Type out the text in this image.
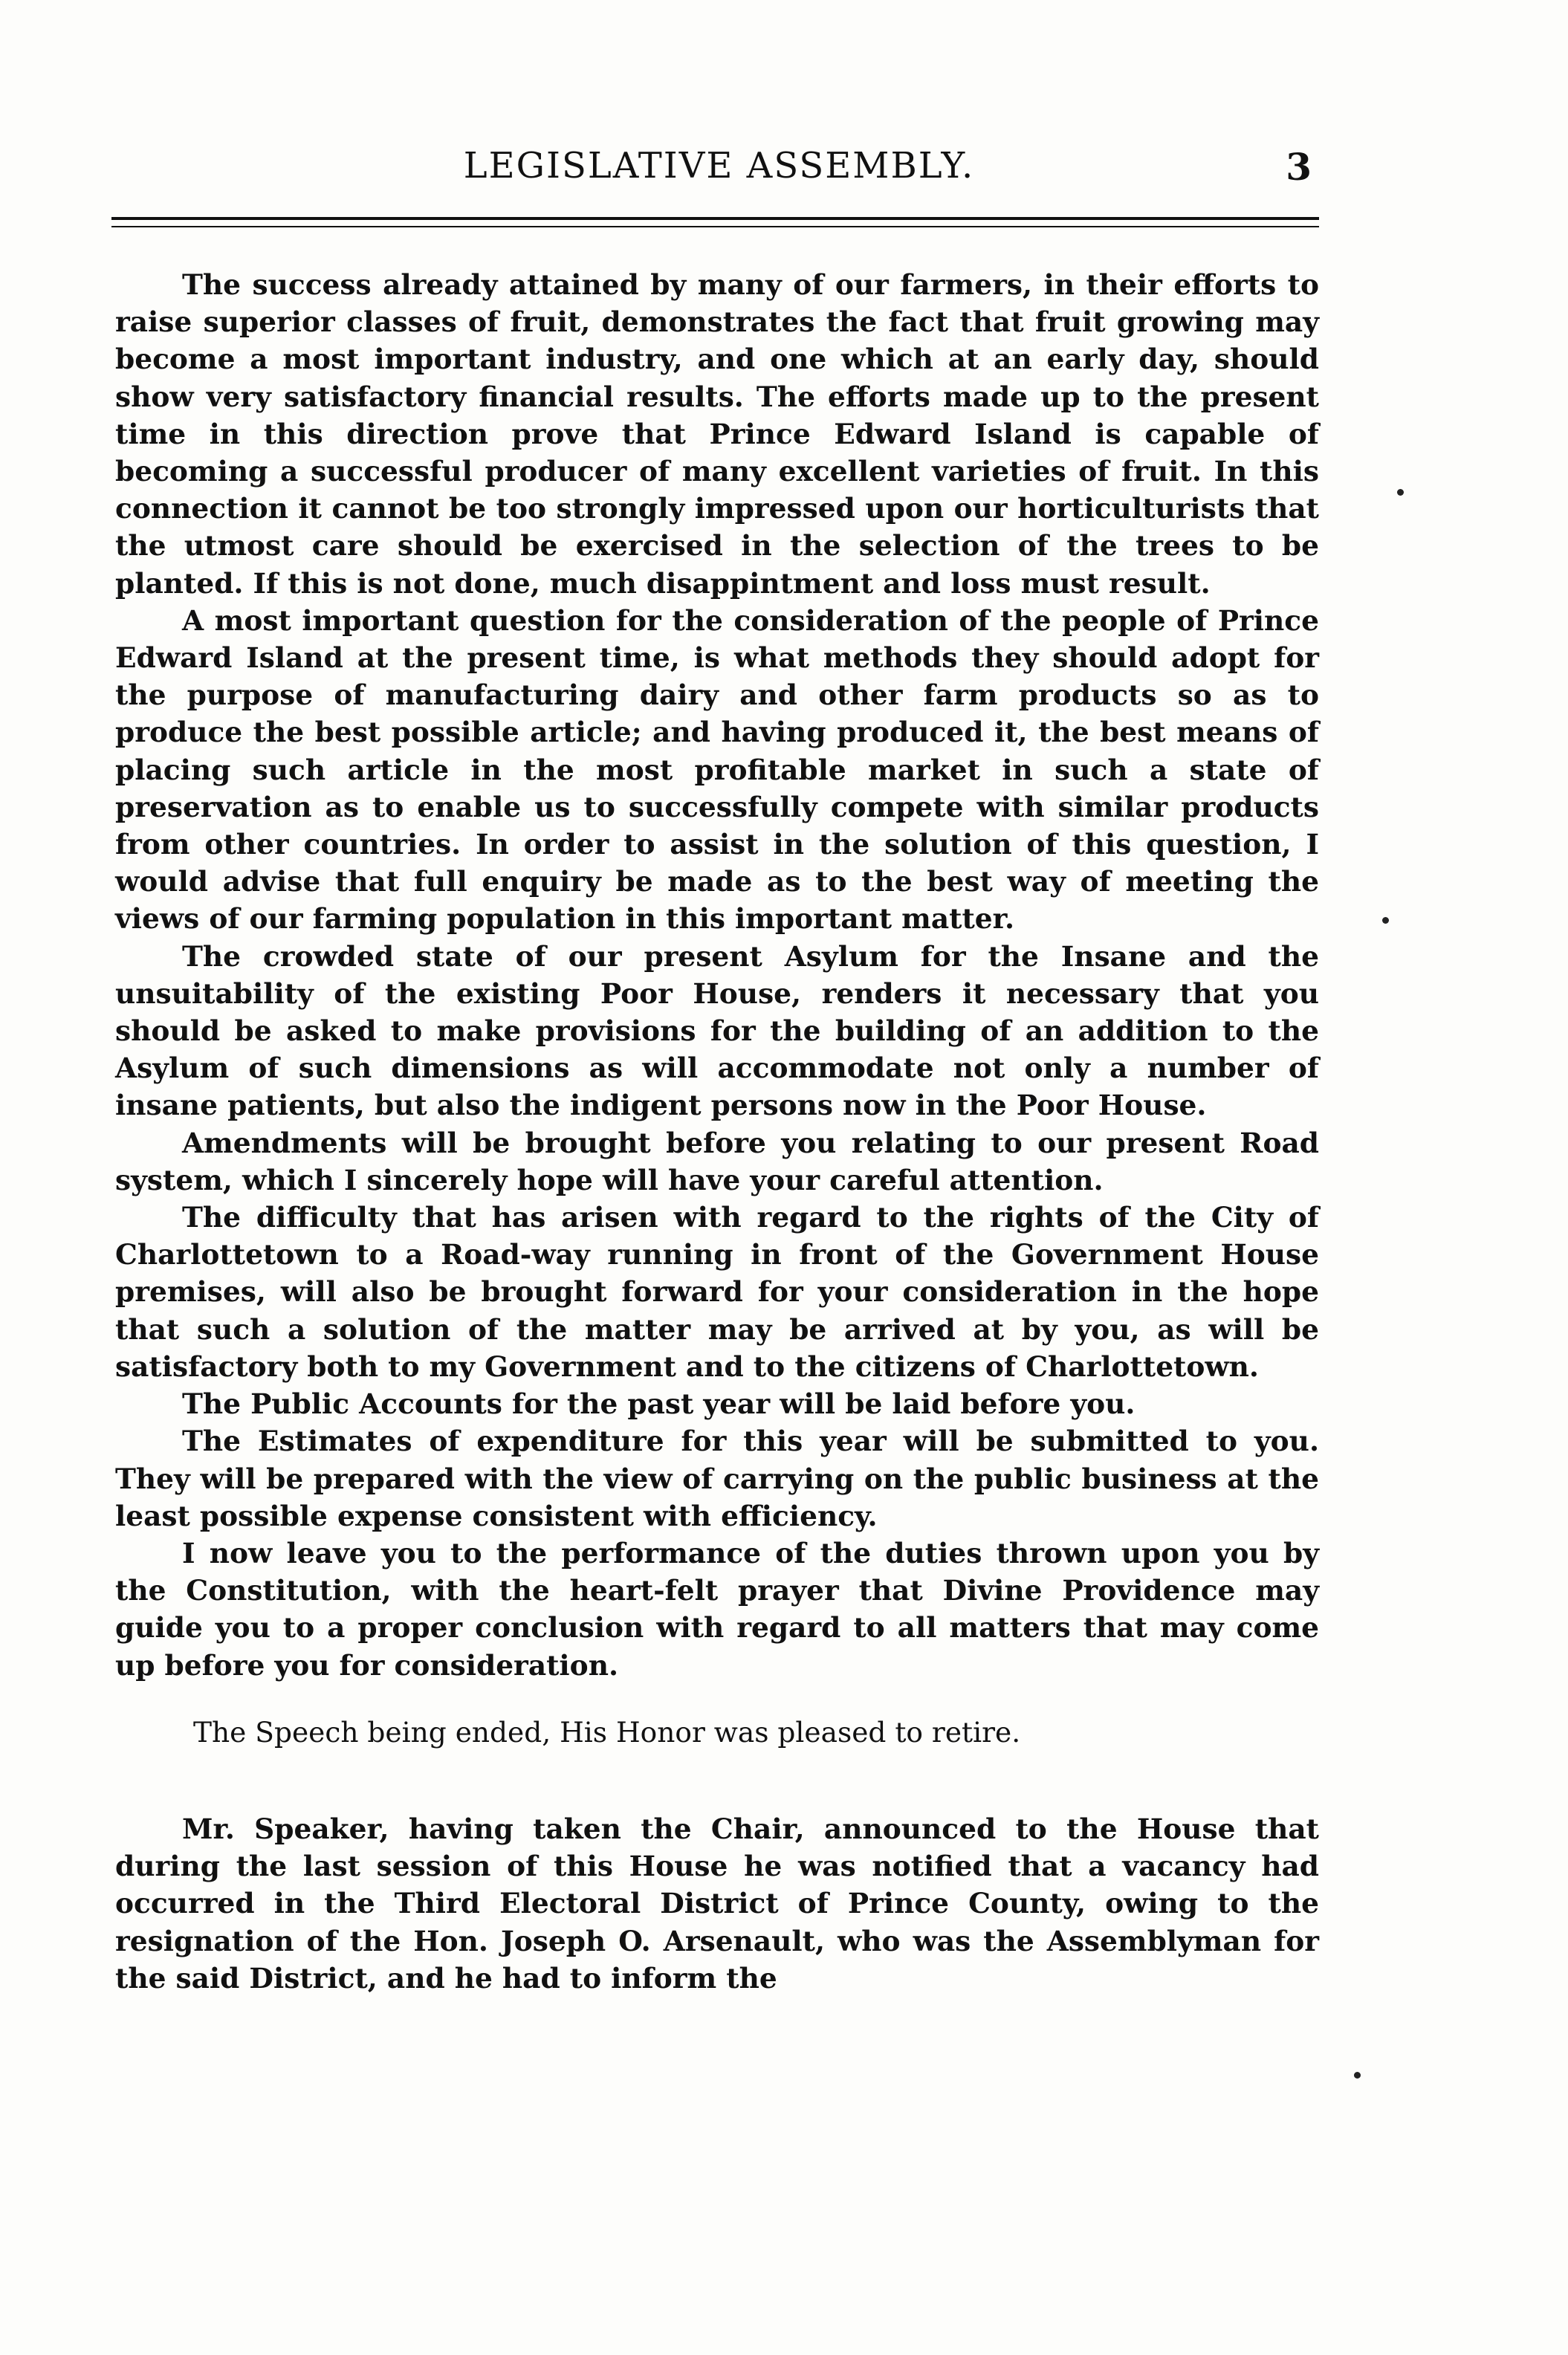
LEGISLATIVE ASSEMBLY.	3

The success already attained by many of our farmers, in their efforts to raise superior classes of fruit, demonstrates the fact that fruit growing may become a most important industry, and one which at an early day, should show very satisfactory financial results. The efforts made up to the present time in this direction prove that Prince Edward Island is capable of becoming a successful producer of many excellent varieties of fruit. In this connection it cannot be too strongly impressed upon our horticulturists that the utmost care should be exercised in the selection of the trees to be planted. If this is not done, much disappintment and loss must result.

A most important question for the consideration of the people of Prince Edward Island at the present time, is what methods they should adopt for the purpose of manufacturing dairy and other farm products so as to produce the best possible article; and having produced it, the best means of placing such article in the most profitable market in such a state of preservation as to enable us to successfully compete with similar products from other countries. In order to assist in the solution of this question, I would advise that full enquiry be made as to the best way of meeting the views of our farming population in this important matter.

The crowded state of our present Asylum for the Insane and the unsuitability of the existing Poor House, renders it necessary that you should be asked to make provisions for the building of an addition to the Asylum of such dimensions as will accommodate not only a number of insane patients, but also the indigent persons now in the Poor House.

Amendments will be brought before you relating to our present Road system, which I sincerely hope will have your careful attention.

The difficulty that has arisen with regard to the rights of the City of Charlottetown to a Road-way running in front of the Government House premises, will also be brought forward for your consideration in the hope that such a solution of the matter may be arrived at by you, as will be satisfactory both to my Government and to the citizens of Charlottetown.

The Public Accounts for the past year will be laid before you.

The Estimates of expenditure for this year will be submitted to you. They will be prepared with the view of carrying on the public business at the least possible expense consistent with efficiency.

I now leave you to the performance of the duties thrown upon you by the Constitution, with the heart-felt prayer that Divine Providence may guide you to a proper conclusion with regard to all matters that may come up before you for consideration.

The Speech being ended, His Honor was pleased to retire.

Mr. Speaker, having taken the Chair, announced to the House that during the last session of this House he was notified that a vacancy had occurred in the Third Electoral District of Prince County, owing to the resignation of the Hon. Joseph O. Arsenault, who was the Assemblyman for the said District, and he had to inform the
